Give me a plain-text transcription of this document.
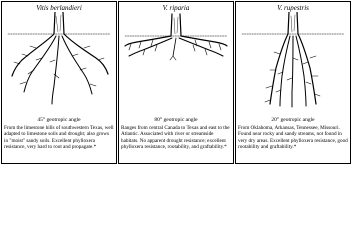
Vitis berlandieri
45° geotropic angle
From the limestone hills of southwestern Texas, well adapted to limestone soils and drought; also grows in "moist" sandy soils. Excellent phylloxera resistance, very hard to root and propagate.*
V. riparia
80° geotropic angle
Ranges from central Canada to Texas and east to the Atlantic. Associated with river or streamside habitats. No apparent drought resistance; excellent phylloxera resistance, rootability, and graftability.*
V. rupestris
20° geotropic angle
From Oklahoma, Arkansas, Tennessee, Missouri. Found near rocky and sandy streams, not found in very dry areas. Excellent phylloxera resistance, good rootability and graftability.*
